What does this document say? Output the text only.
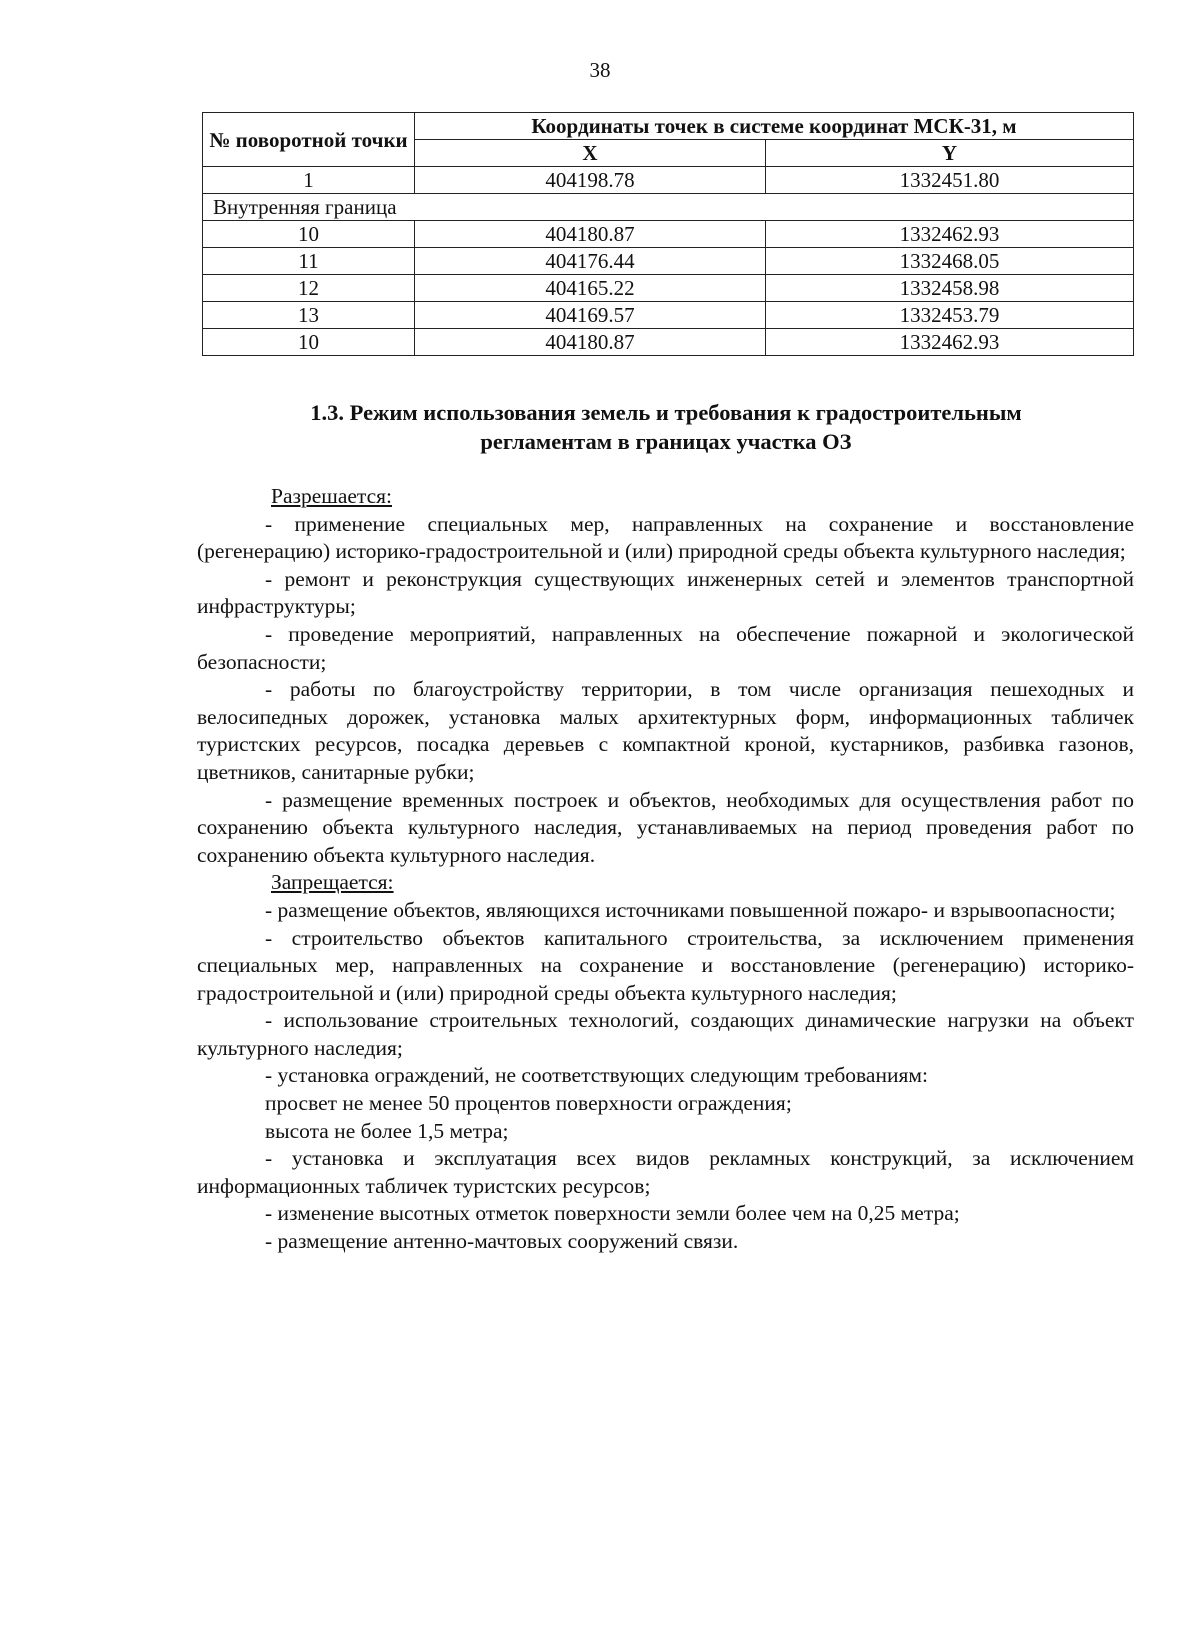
38
№ поворотной точки	Координаты точек в системе координат МСК-31, м	
	X	Y
1	404198.78	1332451.80
Внутренняя граница		
10	404180.87	1332462.93
11	404176.44	1332468.05
12	404165.22	1332458.98
13	404169.57	1332453.79
10	404180.87	1332462.93
1.3. Режим использования земель и требования к градостроительным
регламентам в границах участка ОЗ

Разрешается:

- применение специальных мер, направленных на сохранение и восстановление (регенерацию) историко-градостроительной и (или) природной среды объекта культурного наследия;

- ремонт и реконструкция существующих инженерных сетей и элементов транспортной инфраструктуры;

- проведение мероприятий, направленных на обеспечение пожарной и экологической безопасности;

- работы по благоустройству территории, в том числе организация пешеходных и велосипедных дорожек, установка малых архитектурных форм, информационных табличек туристских ресурсов, посадка деревьев с компактной кроной, кустарников, разбивка газонов, цветников, санитарные рубки;

- размещение временных построек и объектов, необходимых для осуществления работ по сохранению объекта культурного наследия, устанавливаемых на период проведения работ по сохранению объекта культурного наследия.

Запрещается:

- размещение объектов, являющихся источниками повышенной пожаро- и взрывоопасности;

- строительство объектов капитального строительства, за исключением применения специальных мер, направленных на сохранение и восстановление (регенерацию) историко-градостроительной и (или) природной среды объекта культурного наследия;

- использование строительных технологий, создающих динамические нагрузки на объект культурного наследия;

- установка ограждений, не соответствующих следующим требованиям:

просвет не менее 50 процентов поверхности ограждения;

высота не более 1,5 метра;

- установка и эксплуатация всех видов рекламных конструкций, за исключением информационных табличек туристских ресурсов;

- изменение высотных отметок поверхности земли более чем на 0,25 метра;

- размещение антенно-мачтовых сооружений связи.
